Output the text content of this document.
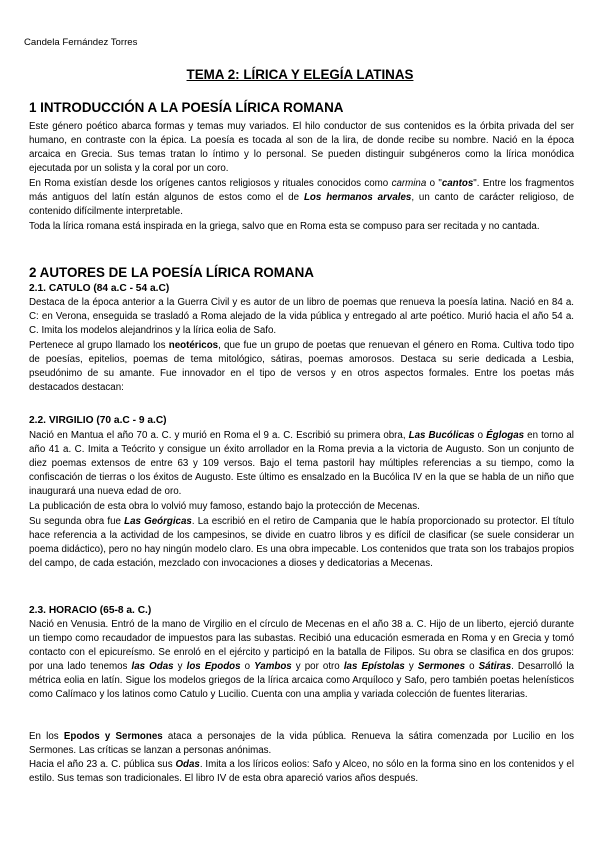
Candela Fernández Torres
TEMA 2: LÍRICA Y ELEGÍA LATINAS
1 INTRODUCCIÓN A LA POESÍA LÍRICA ROMANA
Este género poético abarca formas y temas muy variados. El hilo conductor de sus contenidos es la órbita privada del ser humano, en contraste con la épica. La poesía es tocada al son de la lira, de donde recibe su nombre. Nació en la época arcaica en Grecia. Sus temas tratan lo íntimo y lo personal. Se pueden distinguir subgéneros como la lírica monódica ejecutada por un solista y la coral por un coro.
En Roma existían desde los orígenes cantos religiosos y rituales conocidos como carmina o "cantos". Entre los fragmentos más antiguos del latín están algunos de estos como el de Los hermanos arvales, un canto de carácter religioso, de contenido difícilmente interpretable.
Toda la lírica romana está inspirada en la griega, salvo que en Roma esta se compuso para ser recitada y no cantada.
2 AUTORES DE LA POESÍA LÍRICA ROMANA
2.1. CATULO (84 a.C - 54 a.C)
Destaca de la época anterior a la Guerra Civil y es autor de un libro de poemas que renueva la poesía latina. Nació en 84 a. C: en Verona, enseguida se trasladó a Roma alejado de la vida pública y entregado al arte poético. Murió hacia el año 54 a. C. Imita los modelos alejandrinos y la lírica eolia de Safo.
Pertenece al grupo llamado los neotéricos, que fue un grupo de poetas que renuevan el género en Roma. Cultiva todo tipo de poesías, epitelios, poemas de tema mitológico, sátiras, poemas amorosos. Destaca su serie dedicada a Lesbia, pseudónimo de su amante. Fue innovador en el tipo de versos y en otros aspectos formales. Entre los poetas más destacados destacan:
2.2. VIRGILIO (70 a.C - 9 a.C)
Nació en Mantua el año 70 a. C. y murió en Roma el 9 a. C. Escribió su primera obra, Las Bucólicas o Églogas en torno al año 41 a. C. Imita a Teócrito y consigue un éxito arrollador en la Roma previa a la victoria de Augusto. Son un conjunto de diez poemas extensos de entre 63 y 109 versos. Bajo el tema pastoril hay múltiples referencias a su tiempo, como la confiscación de tierras o los éxitos de Augusto. Este último es ensalzado en la Bucólica IV en la que se habla de un niño que inaugurará una nueva edad de oro.
La publicación de esta obra lo volvió muy famoso, estando bajo la protección de Mecenas.
Su segunda obra fue Las Geórgicas. La escribió en el retiro de Campania que le había proporcionado su protector. El título hace referencia a la actividad de los campesinos, se divide en cuatro libros y es difícil de clasificar (se suele considerar un poema didáctico), pero no hay ningún modelo claro. Es una obra impecable. Los contenidos que trata son los trabajos propios del campo, de cada estación, mezclado con invocaciones a dioses y dedicatorias a Mecenas.
2.3. HORACIO (65-8 a. C.)
Nació en Venusia. Entró de la mano de Virgilio en el círculo de Mecenas en el año 38 a. C. Hijo de un liberto, ejerció durante un tiempo como recaudador de impuestos para las subastas. Recibió una educación esmerada en Roma y en Grecia y tomó contacto con el epicureísmo. Se enroló en el ejército y participó en la batalla de Filipos. Su obra se clasifica en dos grupos: por una lado tenemos las Odas y los Epodos o Yambos y por otro las Epístolas y Sermones o Sátiras. Desarrolló la métrica eolia en latín. Sigue los modelos griegos de la lírica arcaica como Arquíloco y Safo, pero también poetas helenísticos como Calímaco y los latinos como Catulo y Lucilio. Cuenta con una amplia y variada colección de fuentes literarias.
En los Epodos y Sermones ataca a personajes de la vida pública. Renueva la sátira comenzada por Lucilio en los Sermones. Las críticas se lanzan a personas anónimas.
Hacia el año 23 a. C. pública sus Odas. Imita a los líricos eolios: Safo y Alceo, no sólo en la forma sino en los contenidos y el estilo. Sus temas son tradicionales. El libro IV de esta obra apareció varios años después.
